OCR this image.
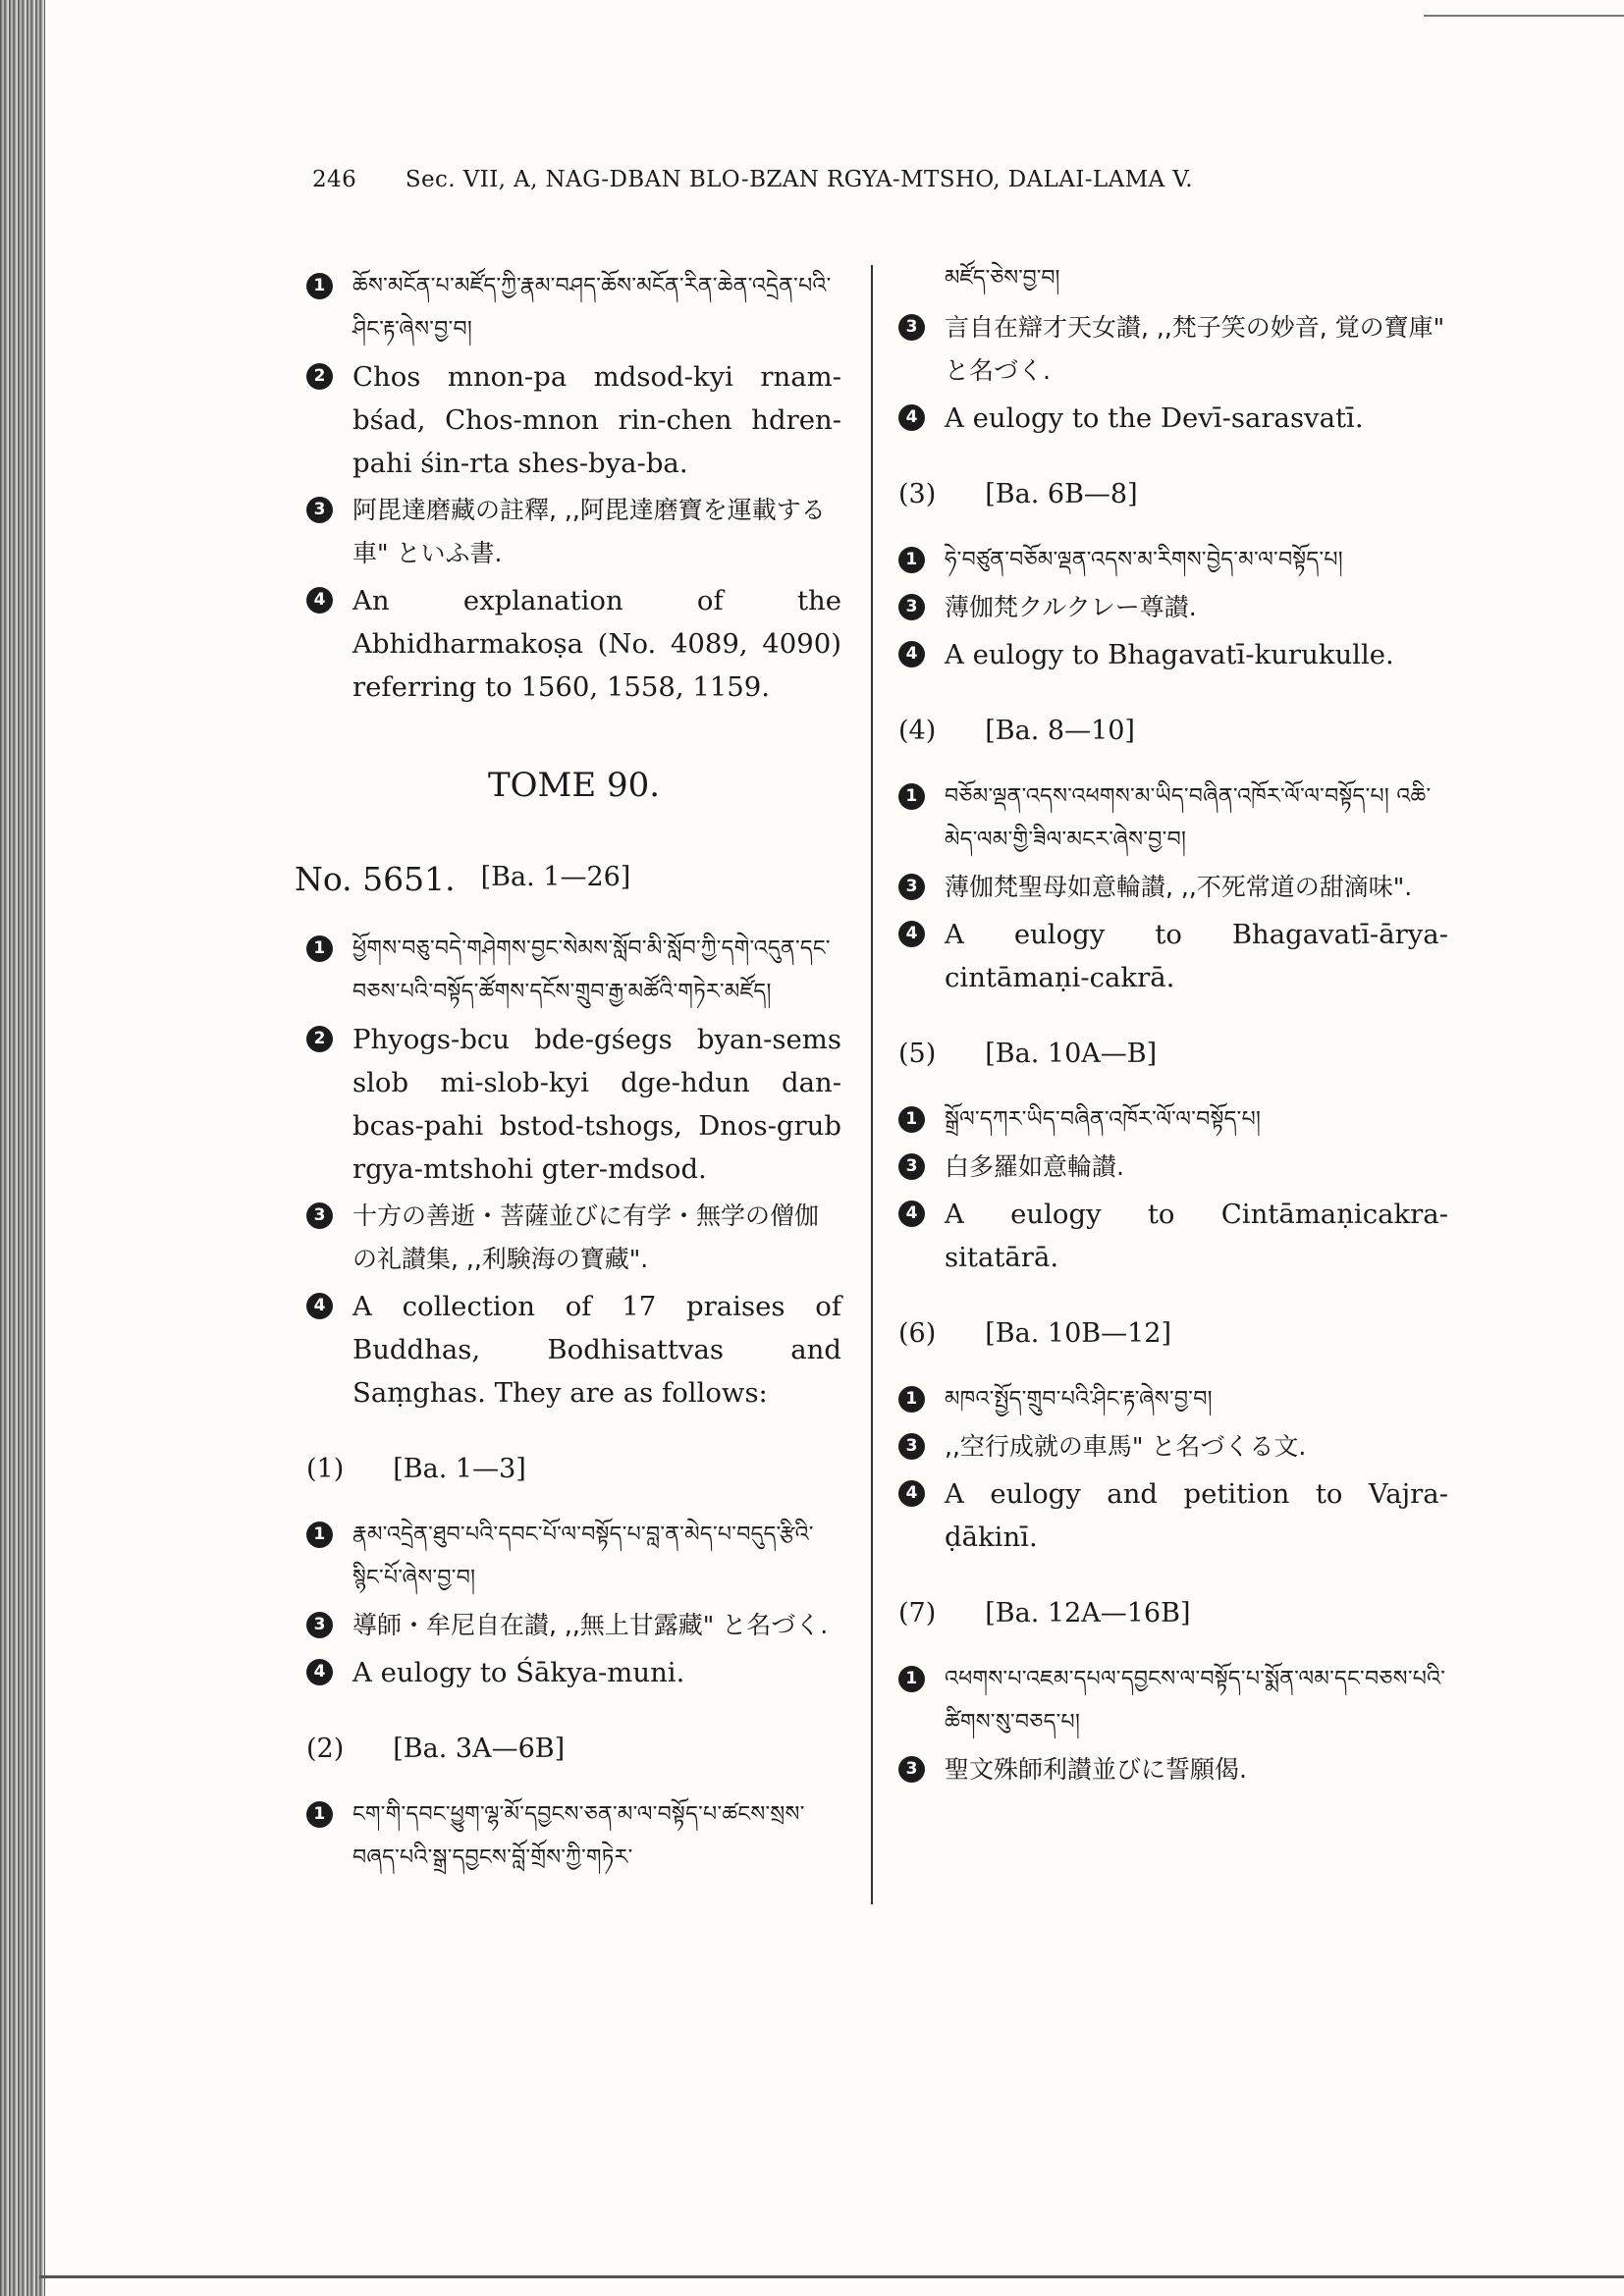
246 Sec. VII, A, NAG-DBAN BLO-BZAN RGYA-MTSHO, DALAI-LAMA V.
1	ཆོས་མངོན་པ་མཛོད་ཀྱི་རྣམ་བཤད་ཆོས་མངོན་རིན་ཆེན་འདྲེན་པའི་ཤིང་རྟ་ཞེས་བྱ་བ།
2 Chos mnon-pa mdsod-kyi rnam-bśad, Chos-mnon rin-chen hdren-pahi śin-rta shes-bya-ba.
3	阿毘達磨藏の註釋, ,,阿毘達磨寶を運載する車" といふ書.
4 An explanation of the Abhidharmakoṣa (No. 4089, 4090) referring to 1560, 1558, 1159.
TOME 90.
No. 5651. [Ba. 1—26]
1	ཕྱོགས་བཅུ་བདེ་གཤེགས་བྱང་སེམས་སློབ་མི་སློབ་ཀྱི་དགེ་འདུན་དང་བཅས་པའི་བསྟོད་ཚོགས་དངོས་གྲུབ་རྒྱ་མཚོའི་གཏེར་མཛོད།
2 Phyogs-bcu bde-gśegs byan-sems slob mi-slob-kyi dge-hdun dan-bcas-pahi bstod-tshogs, Dnos-grub rgya-mtshohi gter-mdsod.
3	十方の善逝・菩薩並びに有学・無学の僧伽の礼讃集, ,,利験海の寶藏".
4 A collection of 17 praises of Buddhas, Bodhisattvas and Saṃghas. They are as follows:
(1) [Ba. 1—3]
1	རྣམ་འདྲེན་ཐུབ་པའི་དབང་པོ་ལ་བསྟོད་པ་བླ་ན་མེད་པ་བདུད་རྩིའི་སྙིང་པོ་ཞེས་བྱ་བ།
3	導師・牟尼自在讃, ,,無上甘露藏" と名づく.
4 A eulogy to Śākya-muni.
(2) [Ba. 3A—6B]
1	ངག་གི་དབང་ཕྱུག་ལྷ་མོ་དབྱངས་ཅན་མ་ལ་བསྟོད་པ་ཚངས་སྲས་བཞད་པའི་སྒྲ་དབྱངས་བློ་གྲོས་ཀྱི་གཏེར་
མཛོད་ཅེས་བྱ་བ།
3	言自在辯才天女讃, ,,梵子笑の妙音, 覚の寶庫" と名づく.
4 A eulogy to the Devī-sarasvatī.
(3) [Ba. 6B—8]
1	ཧེ་བཙུན་བཅོམ་ལྡན་འདས་མ་རིགས་བྱེད་མ་ལ་བསྟོད་པ།
3	薄伽梵クルクレー尊讃.
4 A eulogy to Bhagavatī-kurukulle.
(4) [Ba. 8—10]
1	བཅོམ་ལྡན་འདས་འཕགས་མ་ཡིད་བཞིན་འཁོར་ལོ་ལ་བསྟོད་པ། འཆི་མེད་ལམ་གྱི་ཟིལ་མངར་ཞེས་བྱ་བ།
3	薄伽梵聖母如意輪讃, ,,不死常道の甜滴味".
4 A eulogy to Bhagavatī-ārya-cintāmaṇi-cakrā.
(5) [Ba. 10A—B]
1	སྒྲོལ་དཀར་ཡིད་བཞིན་འཁོར་ལོ་ལ་བསྟོད་པ།
3	白多羅如意輪讃.
4 A eulogy to Cintāmaṇicakra-sitatārā.
(6) [Ba. 10B—12]
1	མཁའ་སྤྱོད་གྲུབ་པའི་ཤིང་རྟ་ཞེས་བྱ་བ།
3	,,空行成就の車馬" と名づくる文.
4 A eulogy and petition to Vajra-ḍākinī.
(7) [Ba. 12A—16B]
1	འཕགས་པ་འཇམ་དཔལ་དབྱངས་ལ་བསྟོད་པ་སྨོན་ལམ་དང་བཅས་པའི་ཚིགས་སུ་བཅད་པ།
3	聖文殊師利讃並びに誓願偈.
